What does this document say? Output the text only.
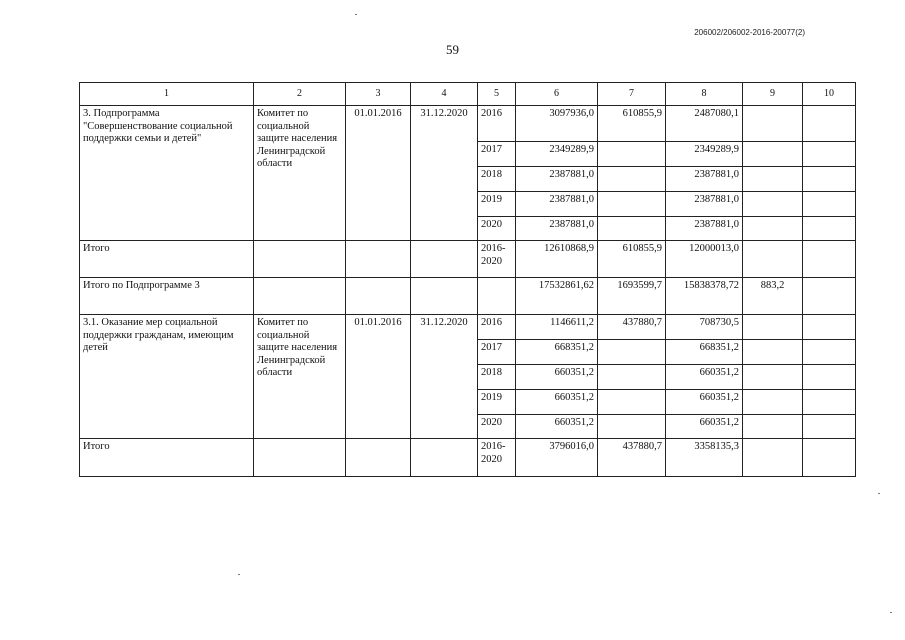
206002/206002-2016-20077(2)
59
1	2	3	4	5	6	7	8	9	10
3. Подпрограмма "Совершенствование социальной поддержки семьи и детей"	Комитет по социальной защите населения Ленинградской области	01.01.2016	31.12.2020	2016	3097936,0	610855,9	2487080,1		
				2017	2349289,9		2349289,9		
				2018	2387881,0		2387881,0		
				2019	2387881,0		2387881,0		
				2020	2387881,0		2387881,0		
Итого				2016-2020	12610868,9	610855,9	12000013,0		
Итого по Подпрограмме 3					17532861,62	1693599,7	15838378,72	883,2	
3.1. Оказание мер социальной поддержки гражданам, имеющим детей	Комитет по социальной защите населения Ленинградской области	01.01.2016	31.12.2020	2016	1146611,2	437880,7	708730,5		
				2017	668351,2		668351,2		
				2018	660351,2		660351,2		
				2019	660351,2		660351,2		
				2020	660351,2		660351,2		
Итого				2016-2020	3796016,0	437880,7	3358135,3		
